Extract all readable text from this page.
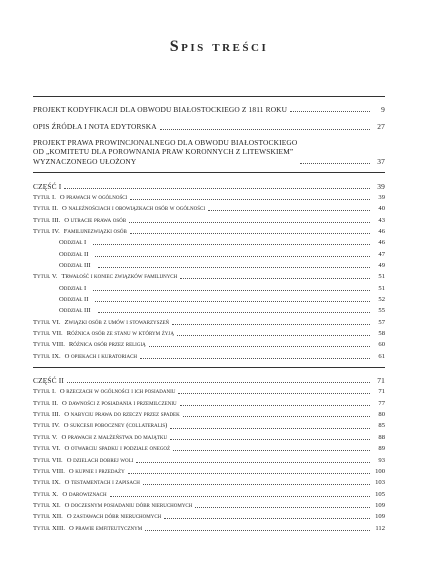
Spis treści
PROJEKT KODYFIKACJI DLA OBWODU BIAŁOSTOCKIEGO Z 1811 ROKU	9
OPIS ŹRÓDŁA I NOTA EDYTORSKA	27
PROJEKT PRAWA PROWINCJONALNEGO DLA OBWODU BIAŁOSTOCKIEGO
OD „KOMITETU DLA POROWNANIA PRAW KORONNYCH Z LITEWSKIEM”
WYZNACZONEGO UŁOŻONY	37
CZĘŚĆ I	39
Tytuł I. O prawach w ogólności	39
Tytuł II. O należnościach i obowiązkach osób w ogólności	40
Tytuł III. O utracie prawa osób	43
Tytuł IV. Familijnezwiązki osób	46
Oddział I	46
Oddział II	47
Oddział III	49
Tytuł V. Trwałość i koniec związków familijnych	51
Oddział I	51
Oddział II	52
Oddział III	55
Tytuł VI. Związki osób z umów i stowarzyszeń	57
Tytuł VII. Różnica osób ze stanu w którym żyją	58
Tytuł VIII. Różnica osób przez religią	60
Tytuł IX. O opiekach i kuratoriach	61
CZĘŚĆ II	71
Tytuł I. O rzeczach w ogólności i ich posiadaniu	71
Tytuł II. O dawności z posiadania i przemilczeniu	77
Tytuł III. O nabyciu prawa do rzeczy przez spadek	80
Tytuł IV. O sukcesji poboczney (collateralis)	85
Tytuł V. O prawach z małżeństwa do majątku	88
Tytuł VI. O otwarciu spadku i podziale onegoż	89
Tytuł VII. O dzielach dobrej woli	93
Tytuł VIII. O kupnie i przedaży	100
Tytuł IX. O testamentach i zapisach	103
Tytuł X. O darowiznach	105
Tytuł XI. O doczesnym posiadaniu dóbr nieruchomych	109
Tytuł XII. O zastawach dóbr nieruchomych	109
Tytuł XIII. O prawie emfiteutycznym	112
